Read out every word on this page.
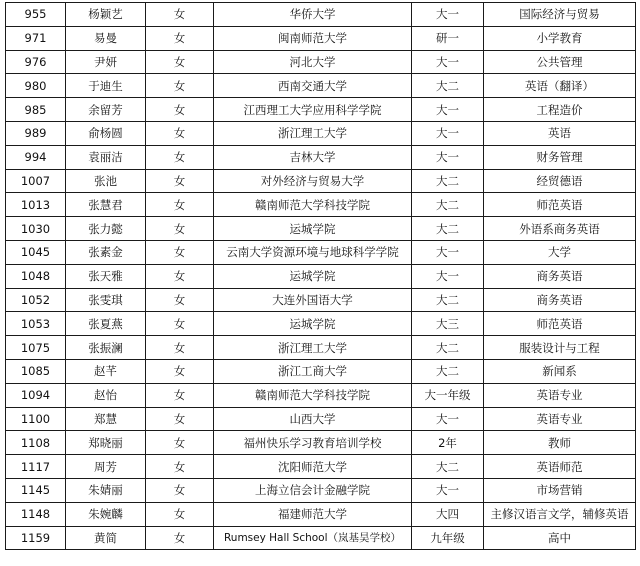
955	杨颖艺	女	华侨大学	大一	国际经济与贸易
971	易曼	女	闽南师范大学	研一	小学教育
976	尹妍	女	河北大学	大一	公共管理
980	于迪生	女	西南交通大学	大二	英语（翻译）
985	余留芳	女	江西理工大学应用科学学院	大一	工程造价
989	俞杨圆	女	浙江理工大学	大一	英语
994	袁丽洁	女	吉林大学	大一	财务管理
1007	张池	女	对外经济与贸易大学	大二	经贸德语
1013	张慧君	女	赣南师范大学科技学院	大二	师范英语
1030	张力懿	女	运城学院	大二	外语系商务英语
1045	张素金	女	云南大学资源环境与地球科学学院	大一	大学
1048	张天雅	女	运城学院	大一	商务英语
1052	张雯琪	女	大连外国语大学	大二	商务英语
1053	张夏燕	女	运城学院	大三	师范英语
1075	张振澜	女	浙江理工大学	大二	服装设计与工程
1085	赵芊	女	浙江工商大学	大二	新闻系
1094	赵怡	女	赣南师范大学科技学院	大一年级	英语专业
1100	郑慧	女	山西大学	大一	英语专业
1108	郑晓丽	女	福州快乐学习教育培训学校	2年	教师
1117	周芳	女	沈阳师范大学	大二	英语师范
1145	朱婧丽	女	上海立信会计金融学院	大一	市场营销
1148	朱婉麟	女	福建师范大学	大四	主修汉语言文学，辅修英语
1159	黄简	女	Rumsey Hall School（岚基昊学校）	九年级	高中
